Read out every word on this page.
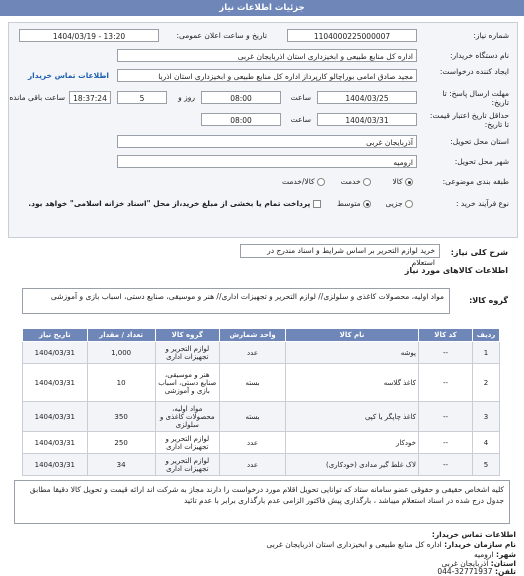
جزئیات اطلاعات نیاز
شماره نیاز:
1104000225000007
تاریخ و ساعت اعلان عمومی:
1404/03/19 - 13:20
نام دستگاه خریدار:
اداره کل منابع طبیعی و ابخیزداری استان اذربایجان غربی
ایجاد کننده درخواست:
مجید صادق امامی بوراچالو کارپرداز اداره کل منابع طبیعی و ابخیزداری استان اذربا
اطلاعات تماس خریدار
مهلت ارسال پاسخ: تا تاریخ:
1404/03/25
ساعت
08:00
روز و
5
18:37:24
ساعت باقی مانده
حداقل تاریخ اعتبار قیمت: تا تاریخ:
1404/03/31
ساعت
08:00
استان محل تحویل:
آذربایجان غربی
شهر محل تحویل:
ارومیه
طبقه بندی موضوعی:
کالا
خدمت
کالا/خدمت
نوع فرآیند خرید :
جزیی
متوسط
پرداخت تمام یا بخشی از مبلغ خرید،از محل "اسناد خزانه اسلامی" خواهد بود.
شرح کلی نیاز:
خرید لوازم التحریر بر اساس شرایط و اسناد مندرج در استعلام
اطلاعات کالاهای مورد نیاز
گروه کالا:
مواد اولیه، محصولات کاغذی و سلولزی// لوازم التحریر و تجهیزات اداری// هنر و موسیقی، صنایع دستی، اسباب بازی و آموزشی
ردیف	کد کالا	نام کالا	واحد شمارش	گروه کالا	تعداد / مقدار	تاریخ نیاز
1	--	پوشه	عدد	لوازم التحریر و تجهیزات اداری	1,000	1404/03/31
2	--	کاغذ گلاسه	بسته	هنر و موسیقی، صنایع دستی، اسباب بازی و آموزشی	10	1404/03/31
3	--	کاغذ چاپگر یا کپی	بسته	مواد اولیه، محصولات کاغذی و سلولزی	350	1404/03/31
4	--	خودکار	عدد	لوازم التحریر و تجهیزات اداری	250	1404/03/31
5	--	لاک غلط گیر مدادی (خودکاری)	عدد	لوازم التحریر و تجهیزات اداری	34	1404/03/31
کلیه اشخاص حقیقی و حقوقی عضو سامانه ستاد که توانایی تحویل اقلام مورد درخواست را دارند مجاز به شرکت اند ارائه قیمت و تحویل کالا دقیقا مطابق جدول درج شده در اسناد استعلام میباشد ، بارگذاری پیش فاکتور الزامی عدم بارگذاری برابر با عدم تائید
اطلاعات تماس خریدار:
نام سازمان خریدار: اداره کل منابع طبیعی و ابخیزداری استان اذربایجان غربی
شهر: ارومیه
استان: آذربایجان غربی
تلفن: 044-32771937
